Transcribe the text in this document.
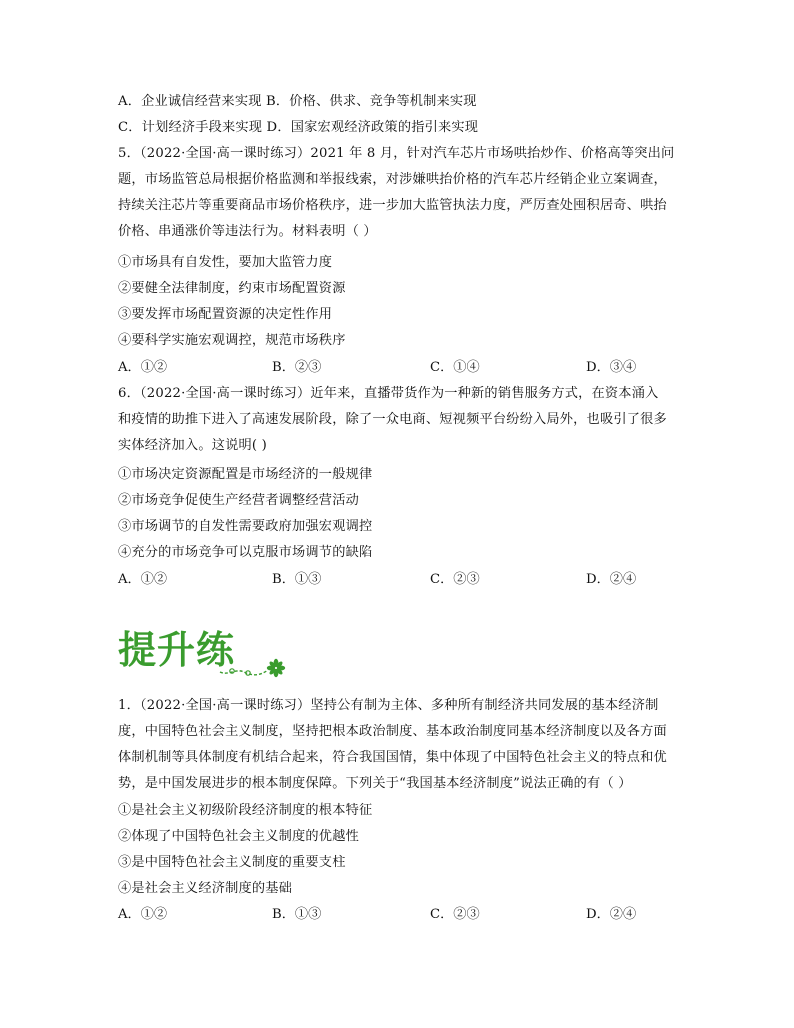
A．企业诚信经营来实现 B．价格、供求、竞争等机制来实现
C．计划经济手段来实现 D．国家宏观经济政策的指引来实现
5．（2022·全国·高一课时练习）2021 年 8 月，针对汽车芯片市场哄抬炒作、价格高等突出问
题，市场监管总局根据价格监测和举报线索，对涉嫌哄抬价格的汽车芯片经销企业立案调查，
持续关注芯片等重要商品市场价格秩序，进一步加大监管执法力度，严厉查处囤积居奇、哄抬
价格、串通涨价等违法行为。材料表明（ ）
①市场具有自发性，要加大监管力度
②要健全法律制度，约束市场配置资源
③要发挥市场配置资源的决定性作用
④要科学实施宏观调控，规范市场秩序
A．①②	B．②③	C．①④	D．③④
6．（2022·全国·高一课时练习）近年来，直播带货作为一种新的销售服务方式，在资本涌入
和疫情的助推下进入了高速发展阶段，除了一众电商、短视频平台纷纷入局外，也吸引了很多
实体经济加入。这说明( )
①市场决定资源配置是市场经济的一般规律
②市场竞争促使生产经营者调整经营活动
③市场调节的自发性需要政府加强宏观调控
④充分的市场竞争可以克服市场调节的缺陷
A．①②	B．①③	C．②③	D．②④
提升练
1．（2022·全国·高一课时练习）坚持公有制为主体、多种所有制经济共同发展的基本经济制
度，中国特色社会主义制度，坚持把根本政治制度、基本政治制度同基本经济制度以及各方面
体制机制等具体制度有机结合起来，符合我国国情，集中体现了中国特色社会主义的特点和优
势，是中国发展进步的根本制度保障。下列关于“我国基本经济制度”说法正确的有（ ）
①是社会主义初级阶段经济制度的根本特征
②体现了中国特色社会主义制度的优越性
③是中国特色社会主义制度的重要支柱
④是社会主义经济制度的基础
A．①②	B．①③	C．②③	D．②④
